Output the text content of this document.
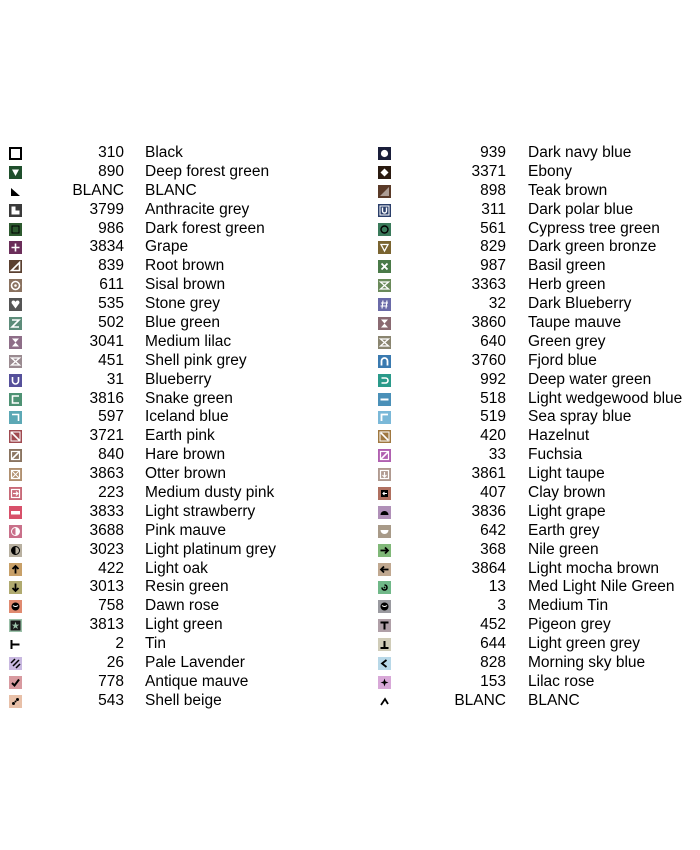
310 Black
890 Deep forest green
BLANC BLANC
3799 Anthracite grey
986 Dark forest green
3834 Grape
839 Root brown
611 Sisal brown
535 Stone grey
502 Blue green
3041 Medium lilac
451 Shell pink grey
31 Blueberry
3816 Snake green
597 Iceland blue
3721 Earth pink
840 Hare brown
3863 Otter brown
223 Medium dusty pink
3833 Light strawberry
3688 Pink mauve
3023 Light platinum grey
422 Light oak
3013 Resin green
758 Dawn rose
3813 Light green
2 Tin
26 Pale Lavender
778 Antique mauve
543 Shell beige
939 Dark navy blue
3371 Ebony
898 Teak brown
311 Dark polar blue
561 Cypress tree green
829 Dark green bronze
987 Basil green
3363 Herb green
32 Dark Blueberry
3860 Taupe mauve
640 Green grey
3760 Fjord blue
992 Deep water green
518 Light wedgewood blue
519 Sea spray blue
420 Hazelnut
33 Fuchsia
3861 Light taupe
407 Clay brown
3836 Light grape
642 Earth grey
368 Nile green
3864 Light mocha brown
13 Med Light Nile Green
3 Medium Tin
452 Pigeon grey
644 Light green grey
828 Morning sky blue
153 Lilac rose
BLANC BLANC
